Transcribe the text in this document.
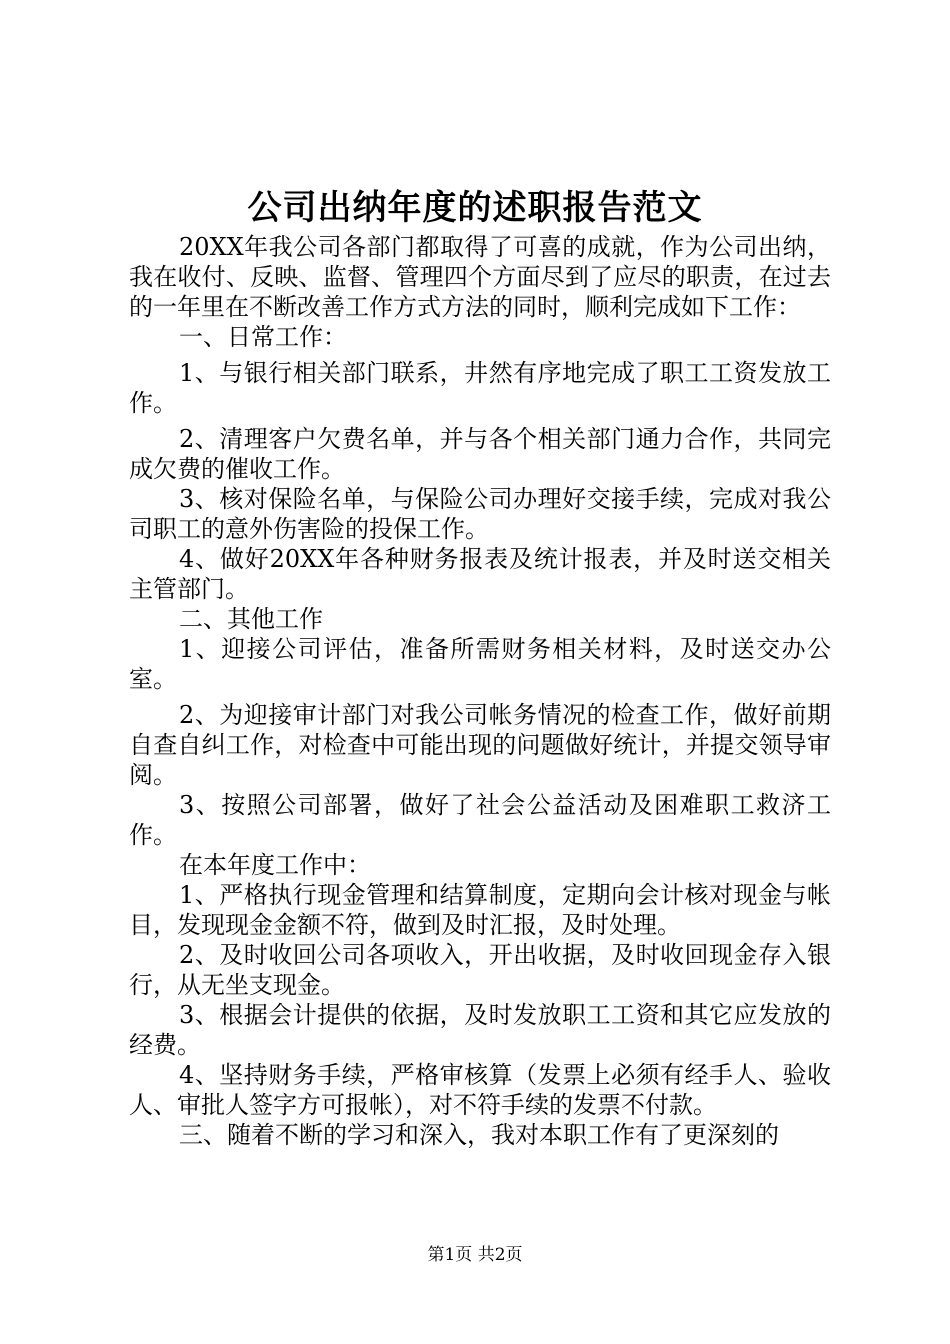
公司出纳年度的述职报告范文

20XX年我公司各部门都取得了可喜的成就，作为公司出纳，我在收付、反映、监督、管理四个方面尽到了应尽的职责，在过去的一年里在不断改善工作方式方法的同时，顺利完成如下工作：

一、日常工作：

1、与银行相关部门联系，井然有序地完成了职工工资发放工作。

2、清理客户欠费名单，并与各个相关部门通力合作，共同完成欠费的催收工作。

3、核对保险名单，与保险公司办理好交接手续，完成对我公司职工的意外伤害险的投保工作。

4、做好20XX年各种财务报表及统计报表，并及时送交相关主管部门。

二、其他工作

1、迎接公司评估，准备所需财务相关材料，及时送交办公室。

2、为迎接审计部门对我公司帐务情况的检查工作，做好前期自查自纠工作，对检查中可能出现的问题做好统计，并提交领导审阅。

3、按照公司部署，做好了社会公益活动及困难职工救济工作。

在本年度工作中：

1、严格执行现金管理和结算制度，定期向会计核对现金与帐目，发现现金金额不符，做到及时汇报，及时处理。

2、及时收回公司各项收入，开出收据，及时收回现金存入银行，从无坐支现金。

3、根据会计提供的依据，及时发放职工工资和其它应发放的经费。

4、坚持财务手续，严格审核算（发票上必须有经手人、验收人、审批人签字方可报帐），对不符手续的发票不付款。

三、随着不断的学习和深入，我对本职工作有了更深刻的

第1页 共2页
